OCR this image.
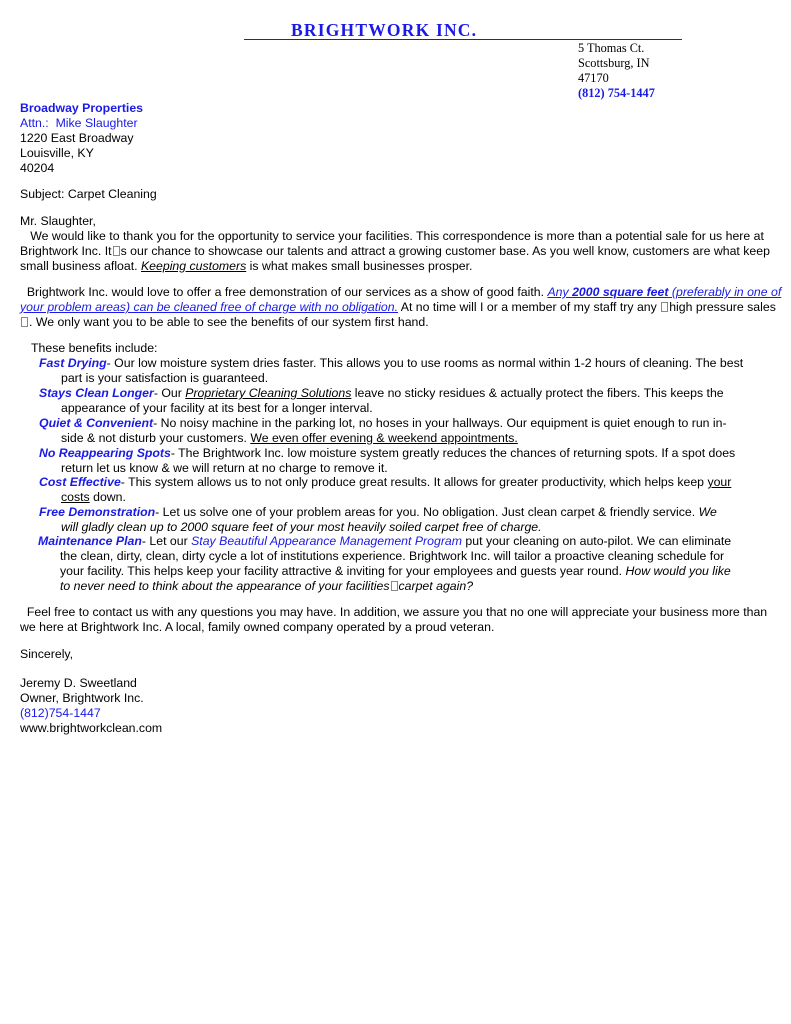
BRIGHTWORK INC.
5 Thomas Ct.
Scottsburg, IN
47170
(812) 754-1447
Broadway Properties
Attn.: Mike Slaughter
1220 East Broadway
Louisville, KY
40204
Subject: Carpet Cleaning
Mr. Slaughter,
We would like to thank you for the opportunity to service your facilities. This correspondence is more than a potential sale for us here at Brightwork Inc. It s our chance to showcase our talents and attract a growing customer base. As you well know, customers are what keep small business afloat. Keeping customers is what makes small businesses prosper.
Brightwork Inc. would love to offer a free demonstration of our services as a show of good faith. Any 2000 square feet (preferably in one of your problem areas) can be cleaned free of charge with no obligation. At no time will I or a member of my staff try any high pressure sales. We only want you to be able to see the benefits of our system first hand.
These benefits include:
Fast Drying- Our low moisture system dries faster. This allows you to use rooms as normal within 1-2 hours of cleaning. The best
part is your satisfaction is guaranteed.
Stays Clean Longer- Our Proprietary Cleaning Solutions leave no sticky residues & actually protect the fibers. This keeps the
appearance of your facility at its best for a longer interval.
Quiet & Convenient- No noisy machine in the parking lot, no hoses in your hallways. Our equipment is quiet enough to run in-
side & not disturb your customers. We even offer evening & weekend appointments.
No Reappearing Spots- The Brightwork Inc. low moisture system greatly reduces the chances of returning spots. If a spot does
return let us know & we will return at no charge to remove it.
Cost Effective- This system allows us to not only produce great results. It allows for greater productivity, which helps keep your
costs down.
Free Demonstration- Let us solve one of your problem areas for you. No obligation. Just clean carpet & friendly service. We
will gladly clean up to 2000 square feet of your most heavily soiled carpet free of charge.
Maintenance Plan- Let our Stay Beautiful Appearance Management Program put your cleaning on auto-pilot. We can eliminate
the clean, dirty, clean, dirty cycle a lot of institutions experience. Brightwork Inc. will tailor a proactive cleaning schedule for
your facility. This helps keep your facility attractive & inviting for your employees and guests year round. How would you like
to never need to think about the appearance of your facilities carpet again?
Feel free to contact us with any questions you may have. In addition, we assure you that no one will appreciate your business more than we here at Brightwork Inc. A local, family owned company operated by a proud veteran.
Sincerely,
Jeremy D. Sweetland
Owner, Brightwork Inc.
(812)754-1447
www.brightworkclean.com
